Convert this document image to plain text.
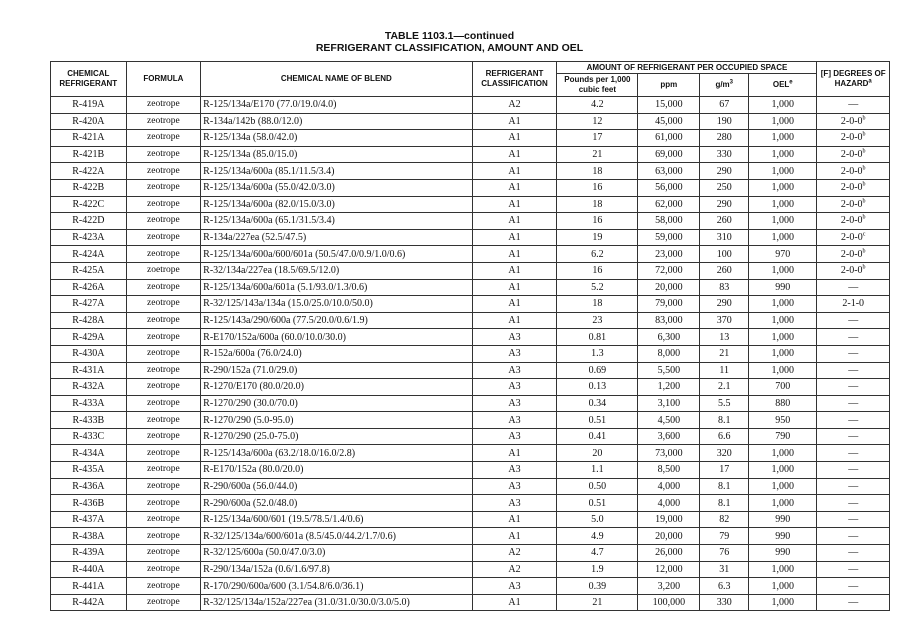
TABLE 1103.1—continued
REFRIGERANT CLASSIFICATION, AMOUNT AND OEL
CHEMICAL REFRIGERANT	FORMULA	CHEMICAL NAME OF BLEND	REFRIGERANT CLASSIFICATION	AMOUNT OF REFRIGERANT PER OCCUPIED SPACE				[F] DEGREES OF HAZARD$^a$
				Pounds per 1,000 cubic feet	ppm	$g/m^3$	OEL$^e$
R-419A	zeotrope	R-125/134a/E170 (77.0/19.0/4.0)	A2	4.2	15,000	67	1,000	—
R-420A	zeotrope	R-134a/142b (88.0/12.0)	A1	12	45,000	190	1,000	2-0-0$^b$
R-421A	zeotrope	R-125/134a (58.0/42.0)	A1	17	61,000	280	1,000	2-0-0$^b$
R-421B	zeotrope	R-125/134a (85.0/15.0)	A1	21	69,000	330	1,000	2-0-0$^b$
R-422A	zeotrope	R-125/134a/600a (85.1/11.5/3.4)	A1	18	63,000	290	1,000	2-0-0$^b$
R-422B	zeotrope	R-125/134a/600a (55.0/42.0/3.0)	A1	16	56,000	250	1,000	2-0-0$^b$
R-422C	zeotrope	R-125/134a/600a (82.0/15.0/3.0)	A1	18	62,000	290	1,000	2-0-0$^b$
R-422D	zeotrope	R-125/134a/600a (65.1/31.5/3.4)	A1	16	58,000	260	1,000	2-0-0$^b$
R-423A	zeotrope	R-134a/227ea (52.5/47.5)	A1	19	59,000	310	1,000	2-0-0$^c$
R-424A	zeotrope	R-125/134a/600a/600/601a (50.5/47.0/0.9/1.0/0.6)	A1	6.2	23,000	100	970	2-0-0$^b$
R-425A	zoetrope	R-32/134a/227ea (18.5/69.5/12.0)	A1	16	72,000	260	1,000	2-0-0$^b$
R-426A	zeotrope	R-125/134a/600a/601a (5.1/93.0/1.3/0.6)	A1	5.2	20,000	83	990	—
R-427A	zeotrope	R-32/125/143a/134a (15.0/25.0/10.0/50.0)	A1	18	79,000	290	1,000	2-1-0
R-428A	zeotrope	R-125/143a/290/600a (77.5/20.0/0.6/1.9)	A1	23	83,000	370	1,000	—
R-429A	zeotrope	R-E170/152a/600a (60.0/10.0/30.0)	A3	0.81	6,300	13	1,000	—
R-430A	zeotrope	R-152a/600a (76.0/24.0)	A3	1.3	8,000	21	1,000	—
R-431A	zeotrope	R-290/152a (71.0/29.0)	A3	0.69	5,500	11	1,000	—
R-432A	zeotrope	R-1270/E170 (80.0/20.0)	A3	0.13	1,200	2.1	700	—
R-433A	zeotrope	R-1270/290 (30.0/70.0)	A3	0.34	3,100	5.5	880	—
R-433B	zeotrope	R-1270/290 (5.0-95.0)	A3	0.51	4,500	8.1	950	—
R-433C	zeotrope	R-1270/290 (25.0-75.0)	A3	0.41	3,600	6.6	790	—
R-434A	zeotrope	R-125/143a/600a (63.2/18.0/16.0/2.8)	A1	20	73,000	320	1,000	—
R-435A	zeotrope	R-E170/152a (80.0/20.0)	A3	1.1	8,500	17	1,000	—
R-436A	zeotrope	R-290/600a (56.0/44.0)	A3	0.50	4,000	8.1	1,000	—
R-436B	zeotrope	R-290/600a (52.0/48.0)	A3	0.51	4,000	8.1	1,000	—
R-437A	zeotrope	R-125/134a/600/601 (19.5/78.5/1.4/0.6)	A1	5.0	19,000	82	990	—
R-438A	zeotrope	R-32/125/134a/600/601a (8.5/45.0/44.2/1.7/0.6)	A1	4.9	20,000	79	990	—
R-439A	zeotrope	R-32/125/600a (50.0/47.0/3.0)	A2	4.7	26,000	76	990	—
R-440A	zeotrope	R-290/134a/152a (0.6/1.6/97.8)	A2	1.9	12,000	31	1,000	—
R-441A	zeotrope	R-170/290/600a/600 (3.1/54.8/6.0/36.1)	A3	0.39	3,200	6.3	1,000	—
R-442A	zeotrope	R-32/125/134a/152a/227ea (31.0/31.0/30.0/3.0/5.0)	A1	21	100,000	330	1,000	—
